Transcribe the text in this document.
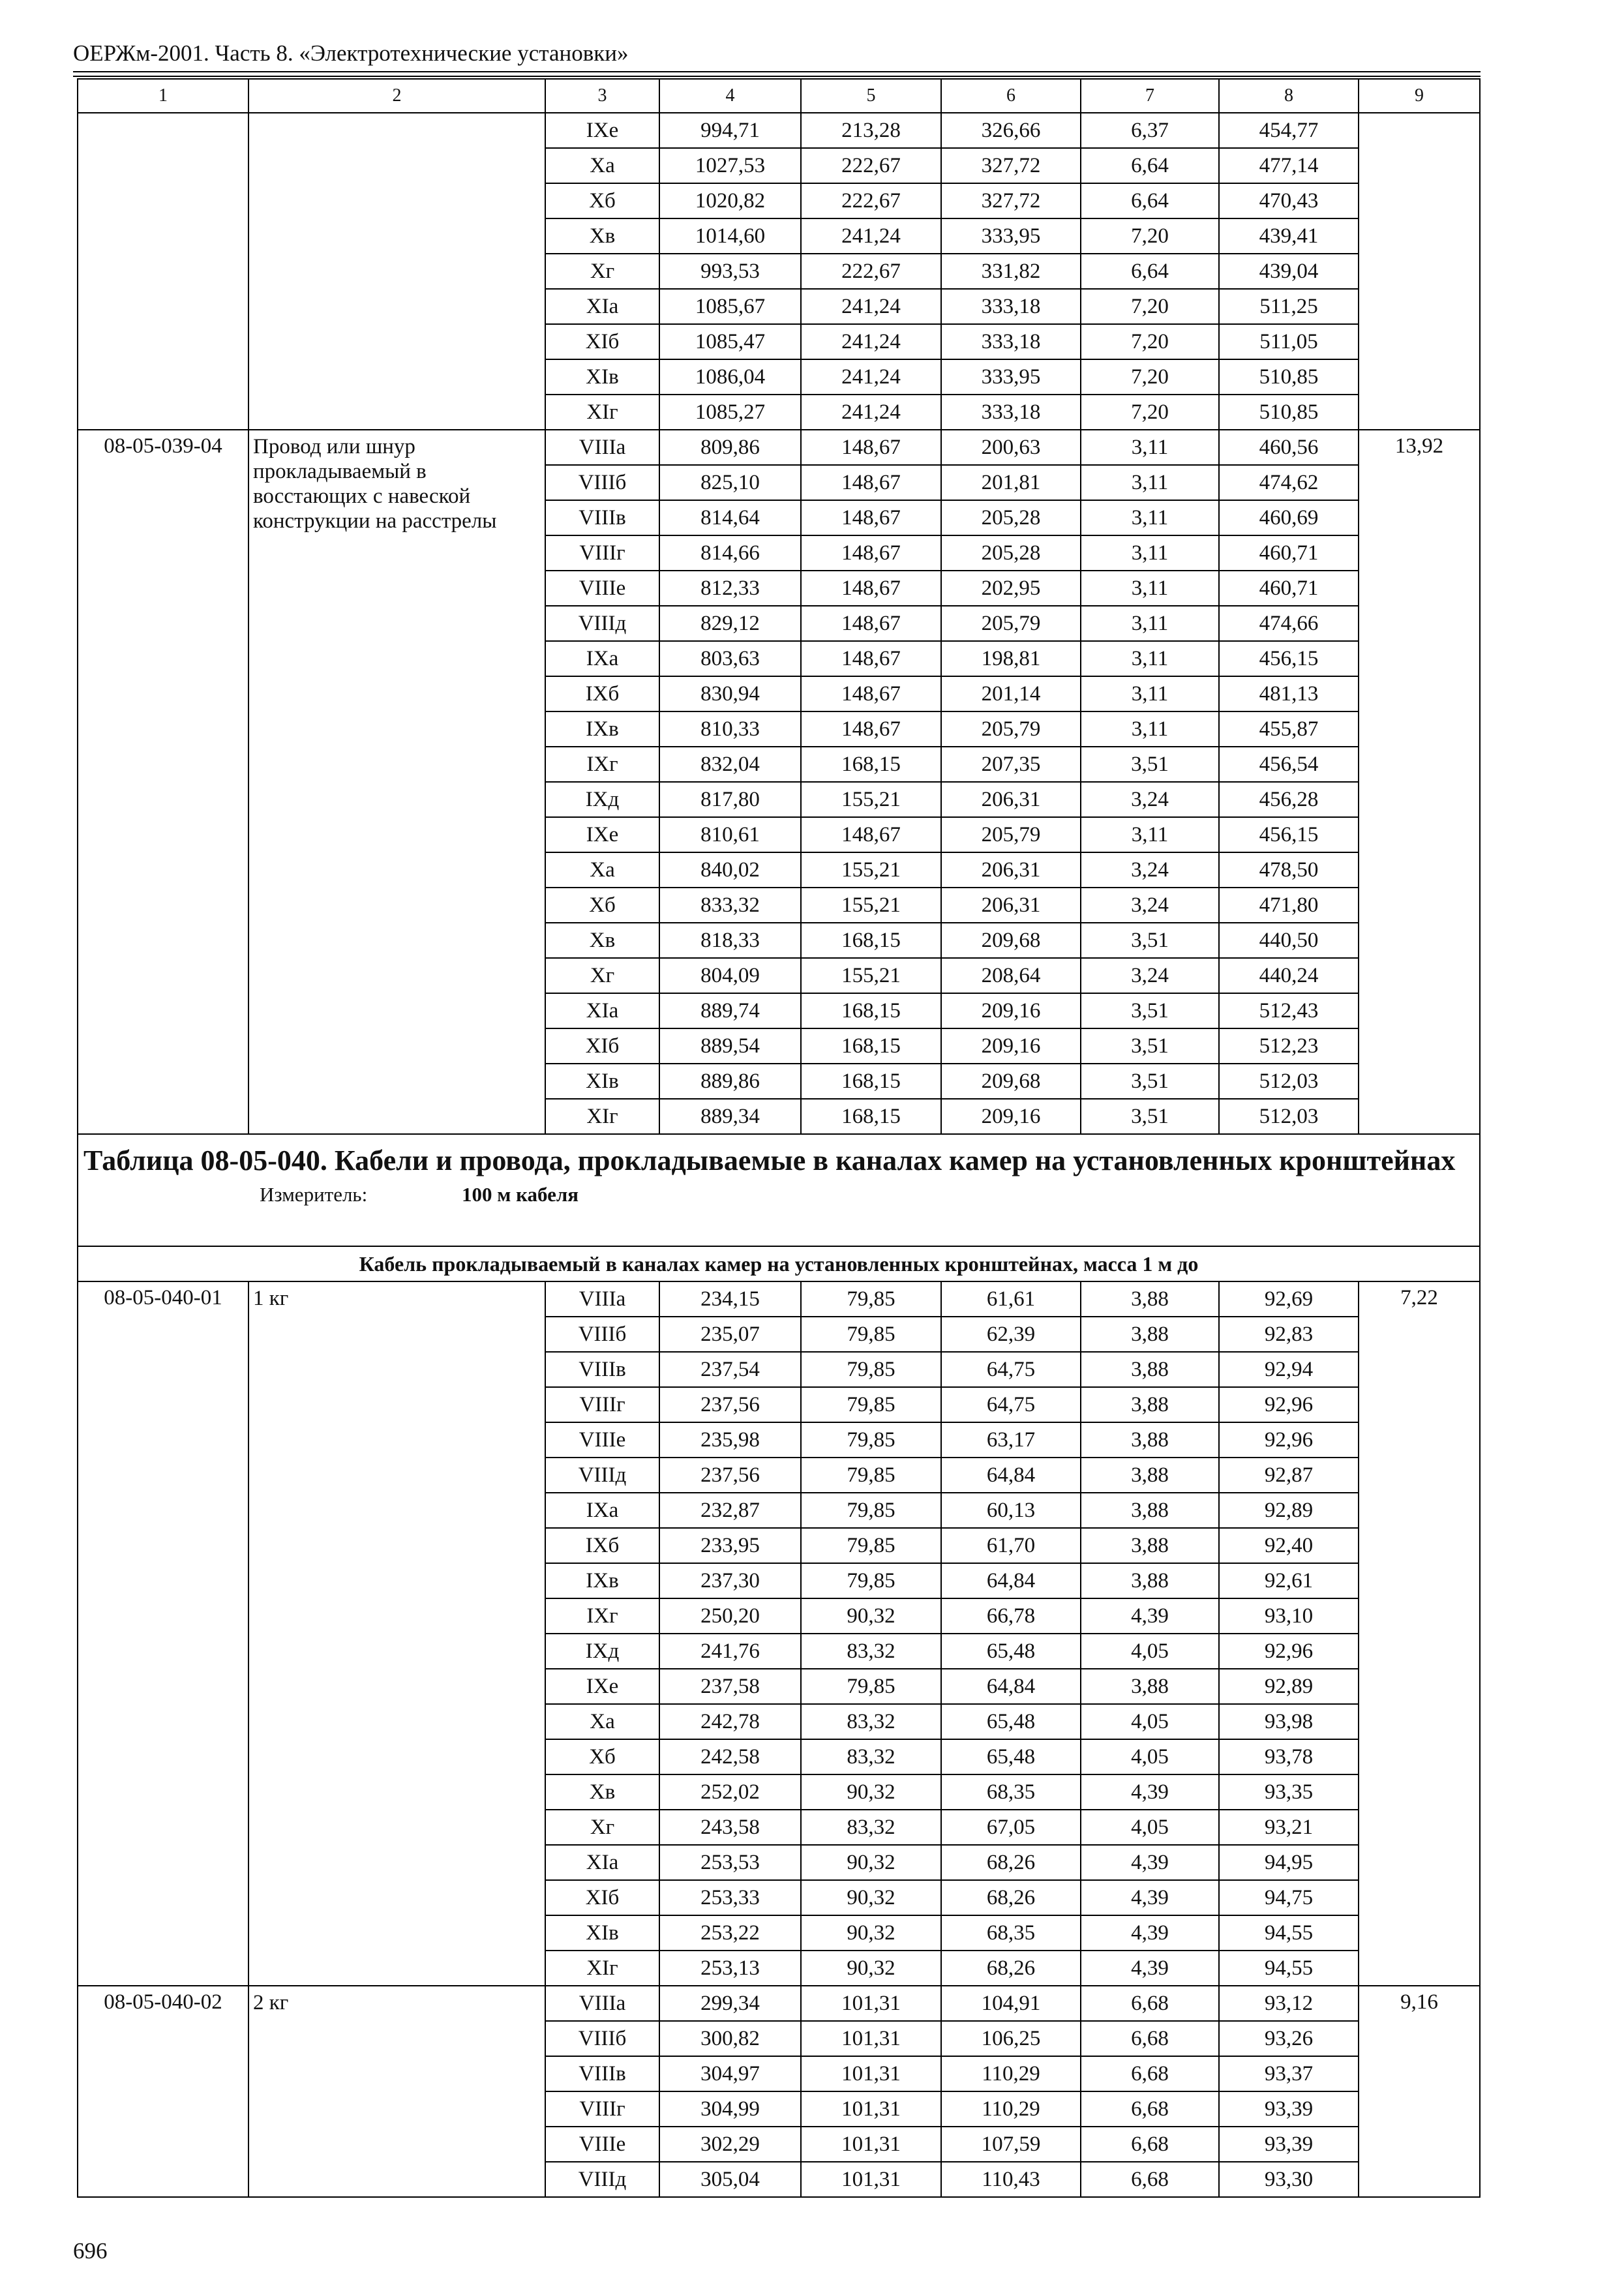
ОЕРЖм-2001. Часть 8. «Электротехнические установки»
1	2	3	4	5	6	7	8	9
		IXe	994,71	213,28	326,66	6,37	454,77	
		Xa	1027,53	222,67	327,72	6,64	477,14	
		Xб	1020,82	222,67	327,72	6,64	470,43	
		Xв	1014,60	241,24	333,95	7,20	439,41	
		Xг	993,53	222,67	331,82	6,64	439,04	
		XIa	1085,67	241,24	333,18	7,20	511,25	
		XIб	1085,47	241,24	333,18	7,20	511,05	
		XIв	1086,04	241,24	333,95	7,20	510,85	
		XIг	1085,27	241,24	333,18	7,20	510,85	
08-05-039-04	Провод или шнур прокладываемый в восстающих с навеской конструкции на расстрелы	VIIIa	809,86	148,67	200,63	3,11	460,56	13,92
		VIIIб	825,10	148,67	201,81	3,11	474,62	
		VIIIв	814,64	148,67	205,28	3,11	460,69	
		VIIIг	814,66	148,67	205,28	3,11	460,71	
		VIIIe	812,33	148,67	202,95	3,11	460,71	
		VIIIд	829,12	148,67	205,79	3,11	474,66	
		IXa	803,63	148,67	198,81	3,11	456,15	
		IXб	830,94	148,67	201,14	3,11	481,13	
		IXв	810,33	148,67	205,79	3,11	455,87	
		IXг	832,04	168,15	207,35	3,51	456,54	
		IXд	817,80	155,21	206,31	3,24	456,28	
		IXe	810,61	148,67	205,79	3,11	456,15	
		Xa	840,02	155,21	206,31	3,24	478,50	
		Xб	833,32	155,21	206,31	3,24	471,80	
		Xв	818,33	168,15	209,68	3,51	440,50	
		Xг	804,09	155,21	208,64	3,24	440,24	
		XIa	889,74	168,15	209,16	3,51	512,43	
		XIб	889,54	168,15	209,16	3,51	512,23	
		XIв	889,86	168,15	209,68	3,51	512,03	
		XIг	889,34	168,15	209,16	3,51	512,03	

Таблица 08-05-040. Кабели и провода, прокладываемые в каналах камер на установленных кронштейнах
Измеритель: 100 м кабеля								

Кабель прокладываемый в каналах камер на установленных кронштейнах, масса 1 м до								
08-05-040-01	1 кг	VIIIa	234,15	79,85	61,61	3,88	92,69	7,22
		VIIIб	235,07	79,85	62,39	3,88	92,83	
		VIIIв	237,54	79,85	64,75	3,88	92,94	
		VIIIг	237,56	79,85	64,75	3,88	92,96	
		VIIIe	235,98	79,85	63,17	3,88	92,96	
		VIIIд	237,56	79,85	64,84	3,88	92,87	
		IXa	232,87	79,85	60,13	3,88	92,89	
		IXб	233,95	79,85	61,70	3,88	92,40	
		IXв	237,30	79,85	64,84	3,88	92,61	
		IXг	250,20	90,32	66,78	4,39	93,10	
		IXд	241,76	83,32	65,48	4,05	92,96	
		IXe	237,58	79,85	64,84	3,88	92,89	
		Xa	242,78	83,32	65,48	4,05	93,98	
		Xб	242,58	83,32	65,48	4,05	93,78	
		Xв	252,02	90,32	68,35	4,39	93,35	
		Xг	243,58	83,32	67,05	4,05	93,21	
		XIa	253,53	90,32	68,26	4,39	94,95	
		XIб	253,33	90,32	68,26	4,39	94,75	
		XIв	253,22	90,32	68,35	4,39	94,55	
		XIг	253,13	90,32	68,26	4,39	94,55	
08-05-040-02	2 кг	VIIIa	299,34	101,31	104,91	6,68	93,12	9,16
		VIIIб	300,82	101,31	106,25	6,68	93,26	
		VIIIв	304,97	101,31	110,29	6,68	93,37	
		VIIIг	304,99	101,31	110,29	6,68	93,39	
		VIIIe	302,29	101,31	107,59	6,68	93,39	
		VIIIд	305,04	101,31	110,43	6,68	93,30	
696
